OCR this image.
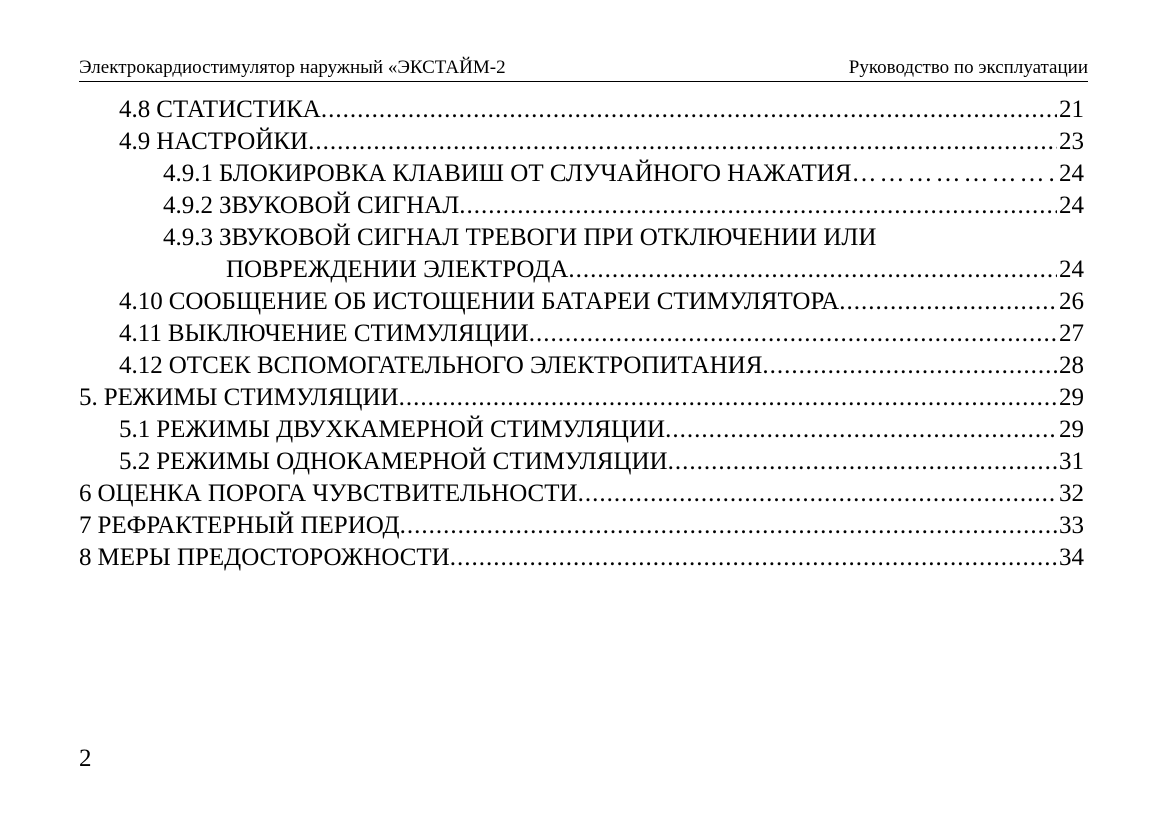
Электрокардиостимулятор наружный «ЭКСТАЙМ-2	Руководство по эксплуатации
4.8 СТАТИСТИКА .....	21
4.9 НАСТРОЙКИ .....	23
4.9.1 БЛОКИРОВКА КЛАВИШ ОТ СЛУЧАЙНОГО НАЖАТИЯ ……………………………………………………………………………………………………………………………………………………………………………………………………	24
4.9.2 ЗВУКОВОЙ СИГНАЛ .....	24
4.9.3 ЗВУКОВОЙ СИГНАЛ ТРЕВОГИ ПРИ ОТКЛЮЧЕНИИ ИЛИ
ПОВРЕЖДЕНИИ ЭЛЕКТРОДА .....	24
4.10 СООБЩЕНИЕ ОБ ИСТОЩЕНИИ БАТАРЕИ СТИМУЛЯТОРА .....	26
4.11 ВЫКЛЮЧЕНИЕ СТИМУЛЯЦИИ .....	27
4.12 ОТСЕК ВСПОМОГАТЕЛЬНОГО ЭЛЕКТРОПИТАНИЯ .....	28
5. РЕЖИМЫ СТИМУЛЯЦИИ .....	29
5.1 РЕЖИМЫ ДВУХКАМЕРНОЙ СТИМУЛЯЦИИ .....	29
5.2 РЕЖИМЫ ОДНОКАМЕРНОЙ СТИМУЛЯЦИИ .....	31
6 ОЦЕНКА ПОРОГА ЧУВСТВИТЕЛЬНОСТИ .....	32
7 РЕФРАКТЕРНЫЙ ПЕРИОД .....	33
8 МЕРЫ ПРЕДОСТОРОЖНОСТИ .....	34
2
